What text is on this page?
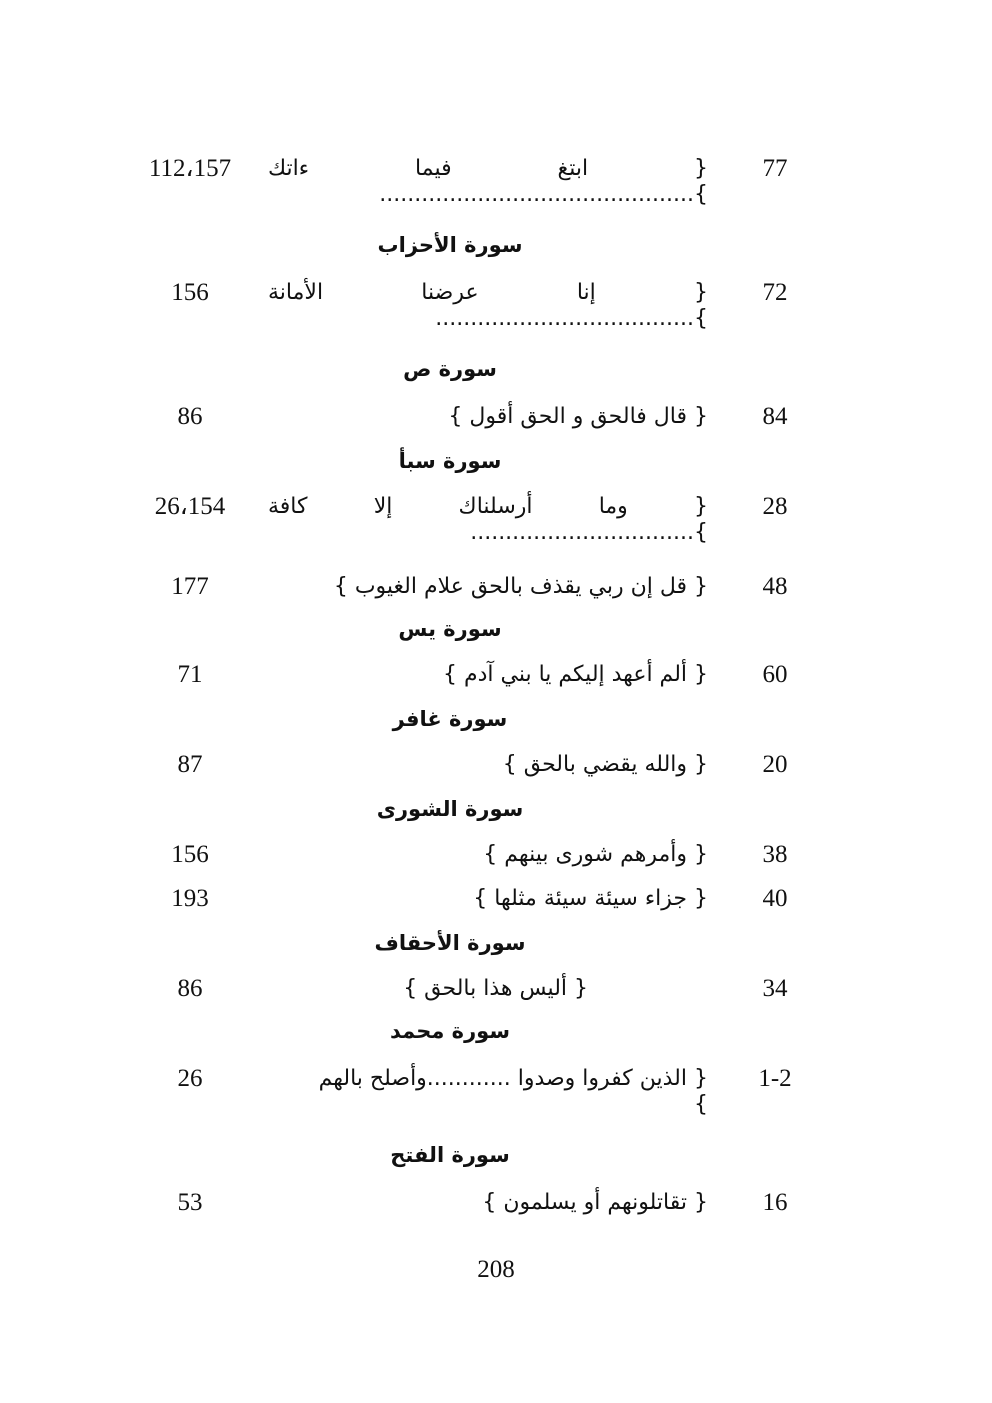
77
{ ابتغ فيما ءاتك
}.............................................
112،157
سورة الأحزاب
72
{ إنا عرضنا الأمانة
}.....................................
156
سورة ص
84
{ قال فالحق و الحق أقول }
86
سورة سبأ
28
{ وما أرسلناك إلا كافة
}................................
26،154
48
{ قل إن ربي يقذف بالحق علام الغيوب }
177
سورة يس
60
{ ألم أعهد إليكم يا بني آدم }
71
سورة غافر
20
{ والله يقضي بالحق }
87
سورة الشورى
38
{ وأمرهم شورى بينهم }
156
40
{ جزاء سيئة سيئة مثلها }
193
سورة الأحقاف
34
{ أليس هذا بالحق }
86
سورة محمد
1-2
{ الذين كفروا وصدوا ............وأصلح بالهم
}
26
سورة الفتح
16
{ تقاتلونهم أو يسلمون }
53
208
